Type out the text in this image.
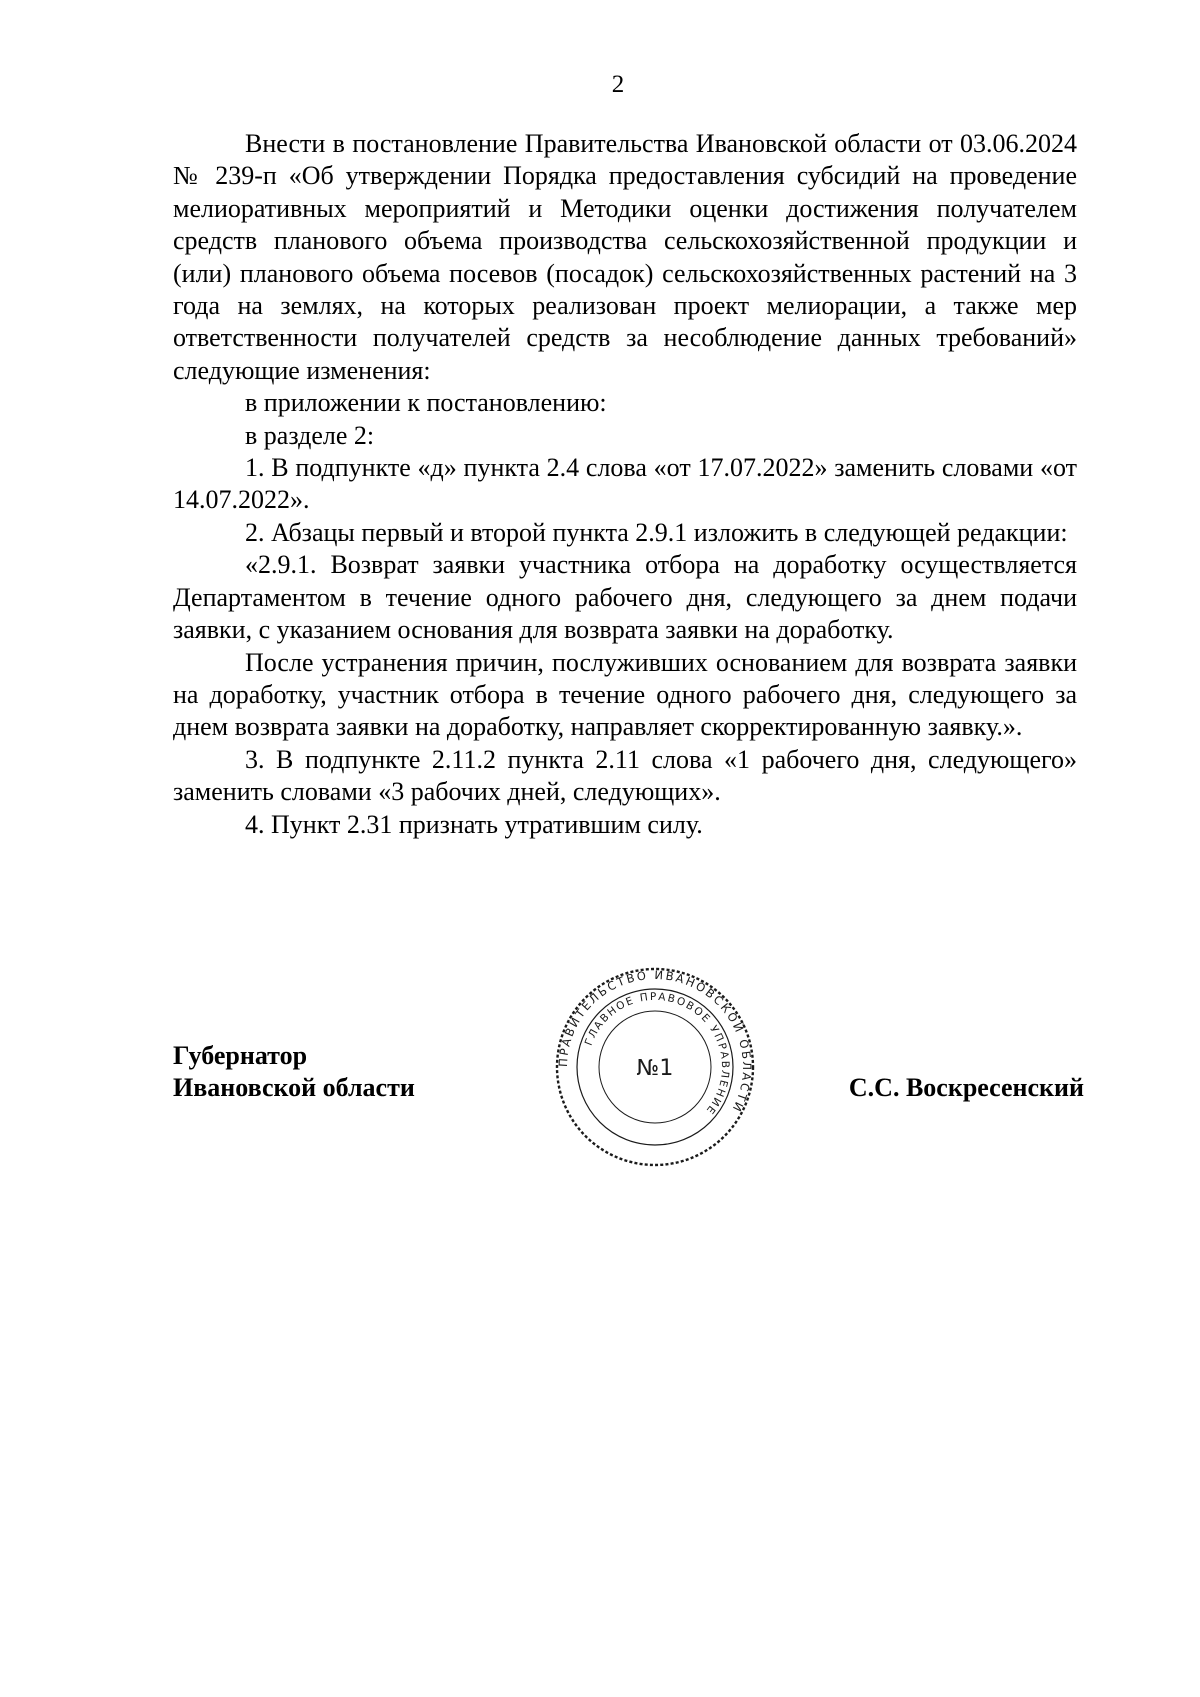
2

Внести в постановление Правительства Ивановской области от 03.06.2024 № 239-п «Об утверждении Порядка предоставления субсидий на проведение мелиоративных мероприятий и Методики оценки достижения получателем средств планового объема производства сельскохозяйственной продукции и (или) планового объема посевов (посадок) сельскохозяйственных растений на 3 года на землях, на которых реализован проект мелиорации, а также мер ответственности получателей средств за несоблюдение данных требований» следующие изменения:

в приложении к постановлению:

в разделе 2:

1. В подпункте «д» пункта 2.4 слова «от 17.07.2022» заменить словами «от 14.07.2022».

2. Абзацы первый и второй пункта 2.9.1 изложить в следующей редакции:

«2.9.1. Возврат заявки участника отбора на доработку осуществляется Департаментом в течение одного рабочего дня, следующего за днем подачи заявки, с указанием основания для возврата заявки на доработку.

После устранения причин, послуживших основанием для возврата заявки на доработку, участник отбора в течение одного рабочего дня, следующего за днем возврата заявки на доработку, направляет скорректированную заявку.».

3. В подпункте 2.11.2 пункта 2.11 слова «1 рабочего дня, следующего» заменить словами «3 рабочих дней, следующих».

4. Пункт 2.31 признать утратившим силу.

Губернатор
Ивановской области	С.С. Воскресенский
ПРАВИТЕЛЬСТВО ИВАНОВСКОЙ ОБЛАСТИ
ГЛАВНОЕ ПРАВОВОЕ УПРАВЛЕНИЕ
№1
